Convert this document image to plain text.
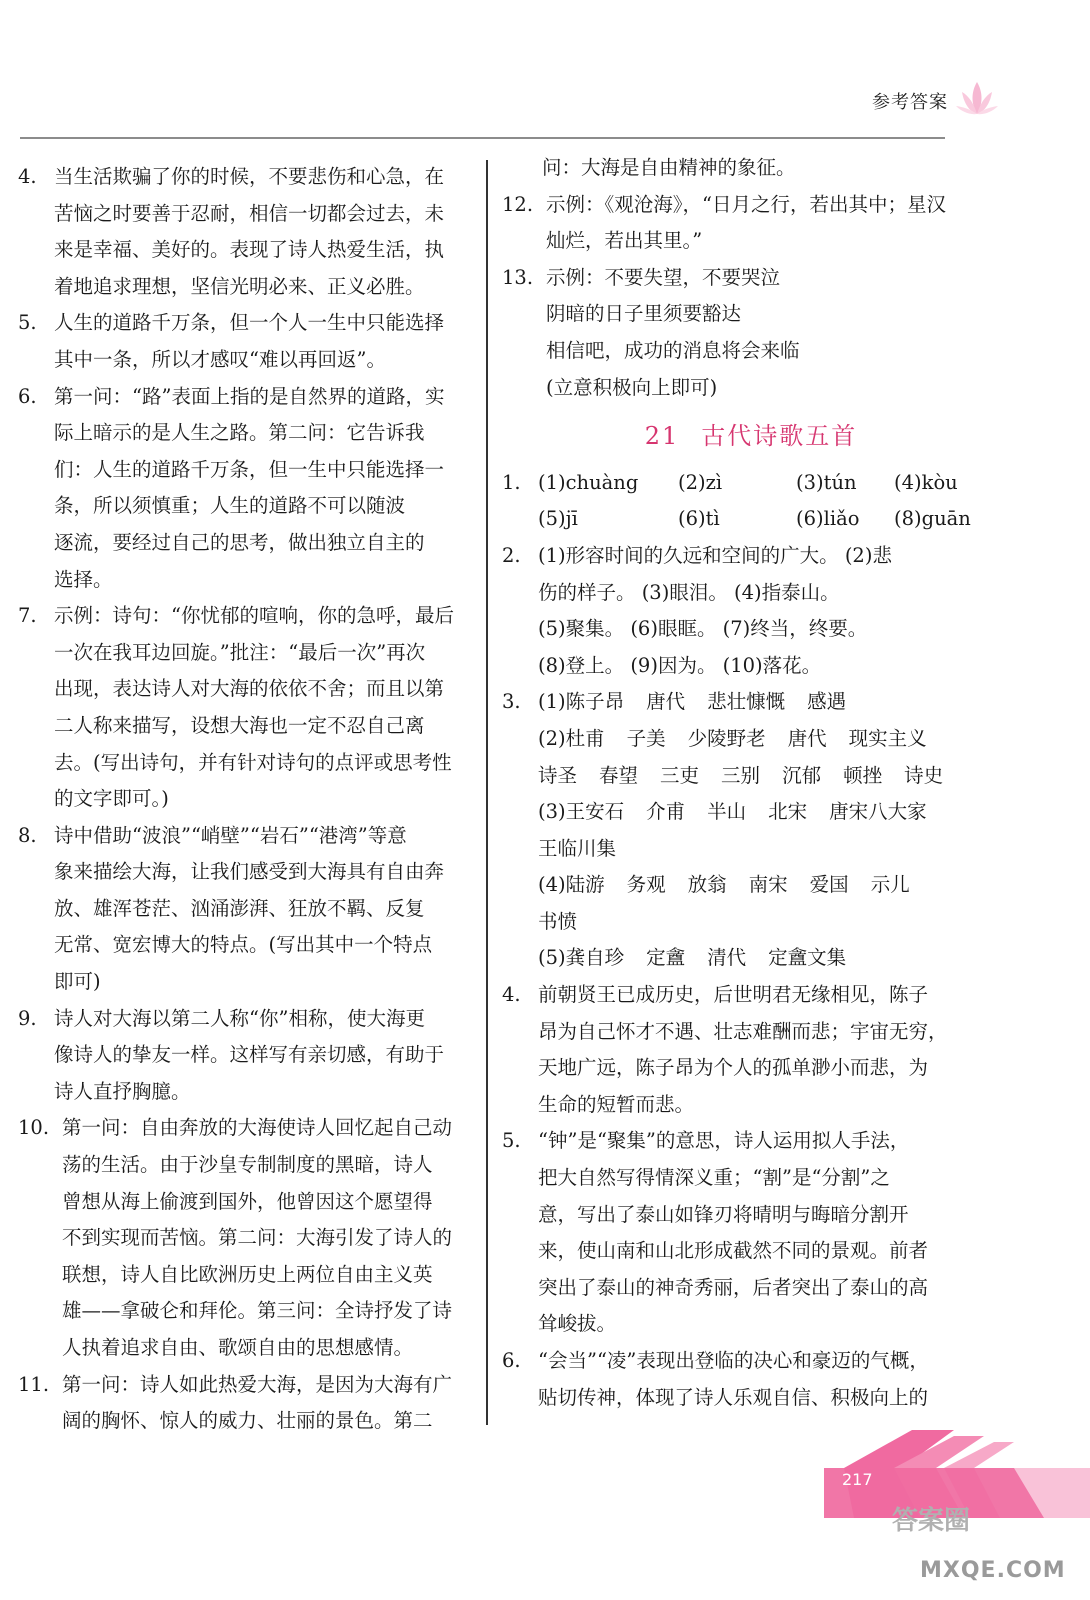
参考答案
4. 当生活欺骗了你的时候，不要悲伤和心急，在
苦恼之时要善于忍耐，相信一切都会过去，未
来是幸福、美好的。表现了诗人热爱生活，执
着地追求理想，坚信光明必来、正义必胜。
5. 人生的道路千万条，但一个人一生中只能选择
其中一条，所以才感叹“难以再回返”。
6. 第一问：“路”表面上指的是自然界的道路，实
际上暗示的是人生之路。第二问：它告诉我
们：人生的道路千万条，但一生中只能选择一
条，所以须慎重；人生的道路不可以随波
逐流，要经过自己的思考，做出独立自主的
选择。
7. 示例：诗句：“你忧郁的喧响，你的急呼，最后
一次在我耳边回旋。”批注：“最后一次”再次
出现，表达诗人对大海的依依不舍；而且以第
二人称来描写，设想大海也一定不忍自己离
去。(写出诗句，并有针对诗句的点评或思考性
的文字即可。)
8. 诗中借助“波浪”“峭壁”“岩石”“港湾”等意
象来描绘大海，让我们感受到大海具有自由奔
放、雄浑苍茫、汹涌澎湃、狂放不羁、反复
无常、宽宏博大的特点。(写出其中一个特点
即可)
9. 诗人对大海以第二人称“你”相称，使大海更
像诗人的挚友一样。这样写有亲切感，有助于
诗人直抒胸臆。
10. 第一问：自由奔放的大海使诗人回忆起自己动
荡的生活。由于沙皇专制制度的黑暗，诗人
曾想从海上偷渡到国外，他曾因这个愿望得
不到实现而苦恼。第二问：大海引发了诗人的
联想，诗人自比欧洲历史上两位自由主义英
雄——拿破仑和拜伦。第三问：全诗抒发了诗
人执着追求自由、歌颂自由的思想感情。
11. 第一问：诗人如此热爱大海，是因为大海有广
阔的胸怀、惊人的威力、壮丽的景色。第二
问：大海是自由精神的象征。
12. 示例：《观沧海》，“日月之行，若出其中；星汉
灿烂，若出其里。”
13. 示例：不要失望，不要哭泣
阴暗的日子里须要豁达
相信吧，成功的消息将会来临
(立意积极向上即可)
21 古代诗歌五首
1. (1)chuàng	(2)zì	(3)tún	(4)kòu
(5)jī	(6)tì	(6)liǎo	(8)guān
2. (1)形容时间的久远和空间的广大。 (2)悲
伤的样子。 (3)眼泪。 (4)指泰山。
(5)聚集。 (6)眼眶。 (7)终当，终要。
(8)登上。 (9)因为。 (10)落花。
3. (1)陈子昂 唐代 悲壮慷慨 感遇
(2)杜甫 子美 少陵野老 唐代 现实主义
诗圣 春望 三吏 三别 沉郁 顿挫 诗史
(3)王安石 介甫 半山 北宋 唐宋八大家
王临川集
(4)陆游 务观 放翁 南宋 爱国 示儿
书愤
(5)龚自珍 定盦 清代 定盦文集
4. 前朝贤王已成历史，后世明君无缘相见，陈子
昂为自己怀才不遇、壮志难酬而悲；宇宙无穷，
天地广远，陈子昂为个人的孤单渺小而悲，为
生命的短暂而悲。
5. “钟”是“聚集”的意思，诗人运用拟人手法，
把大自然写得情深义重；“割”是“分割”之
意，写出了泰山如锋刃将晴明与晦暗分割开
来，使山南和山北形成截然不同的景观。前者
突出了泰山的神奇秀丽，后者突出了泰山的高
耸峻拔。
6. “会当”“凌”表现出登临的决心和豪迈的气概，
贴切传神，体现了诗人乐观自信、积极向上的
217
答案圈
MXQE.COM
